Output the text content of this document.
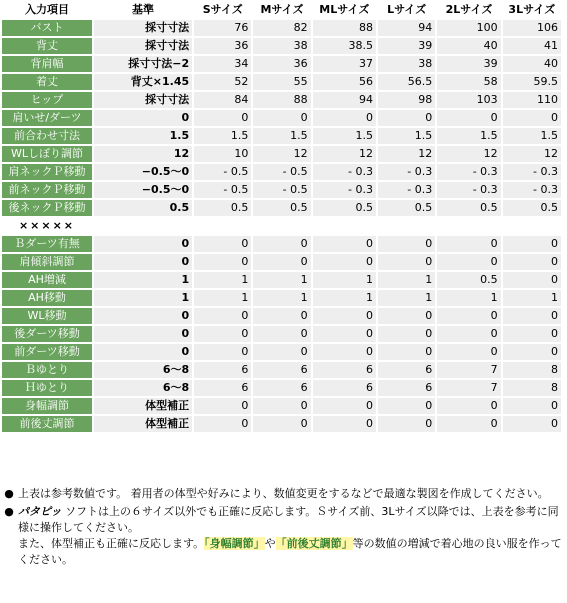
入力項目	基準	Sサイズ	Mサイズ	MLサイズ	Lサイズ	2Lサイズ	3Lサイズ
バスト	採寸寸法	76	82	88	94	100	106
背丈	採寸寸法	36	38	38.5	39	40	41
背肩幅	採寸寸法−2	34	36	37	38	39	40
着丈	背丈×1.45	52	55	56	56.5	58	59.5
ヒップ	採寸寸法	84	88	94	98	103	110
肩いせ/ダーツ	0	0	0	0	0	0	0
前合わせ寸法	1.5	1.5	1.5	1.5	1.5	1.5	1.5
WLしぼり調節	12	10	12	12	12	12	12
肩ネックＰ移動	−0.5〜0	- 0.5	- 0.5	- 0.3	- 0.3	- 0.3	- 0.3
前ネックＰ移動	−0.5〜0	- 0.5	- 0.5	- 0.3	- 0.3	- 0.3	- 0.3
後ネックＰ移動	0.5	0.5	0.5	0.5	0.5	0.5	0.5
×××××							
Ｂダーツ有無	0	0	0	0	0	0	0
肩傾斜調節	0	0	0	0	0	0	0
AH増減	1	1	1	1	1	0.5	0
AH移動	1	1	1	1	1	1	1
WL移動	0	0	0	0	0	0	0
後ダーツ移動	0	0	0	0	0	0	0
前ダーツ移動	0	0	0	0	0	0	0
Ｂゆとり	6〜8	6	6	6	6	7	8
Ｈゆとり	6〜8	6	6	6	6	7	8
身幅調節	体型補正	0	0	0	0	0	0
前後丈調節	体型補正	0	0	0	0	0	0
● 上表は参考数値です。 着用者の体型や好みにより、数値変更をするなどで最適な製図を作成してください。
● パタピッ ソフトは上の６サイズ以外でも正確に反応します。Ｓサイズ前、3Lサイズ以降では、上表を参考に同様に操作してください。
また、体型補正も正確に反応します。「身幅調節」や「前後丈調節」等の数値の増減で着心地の良い服を作ってください。
